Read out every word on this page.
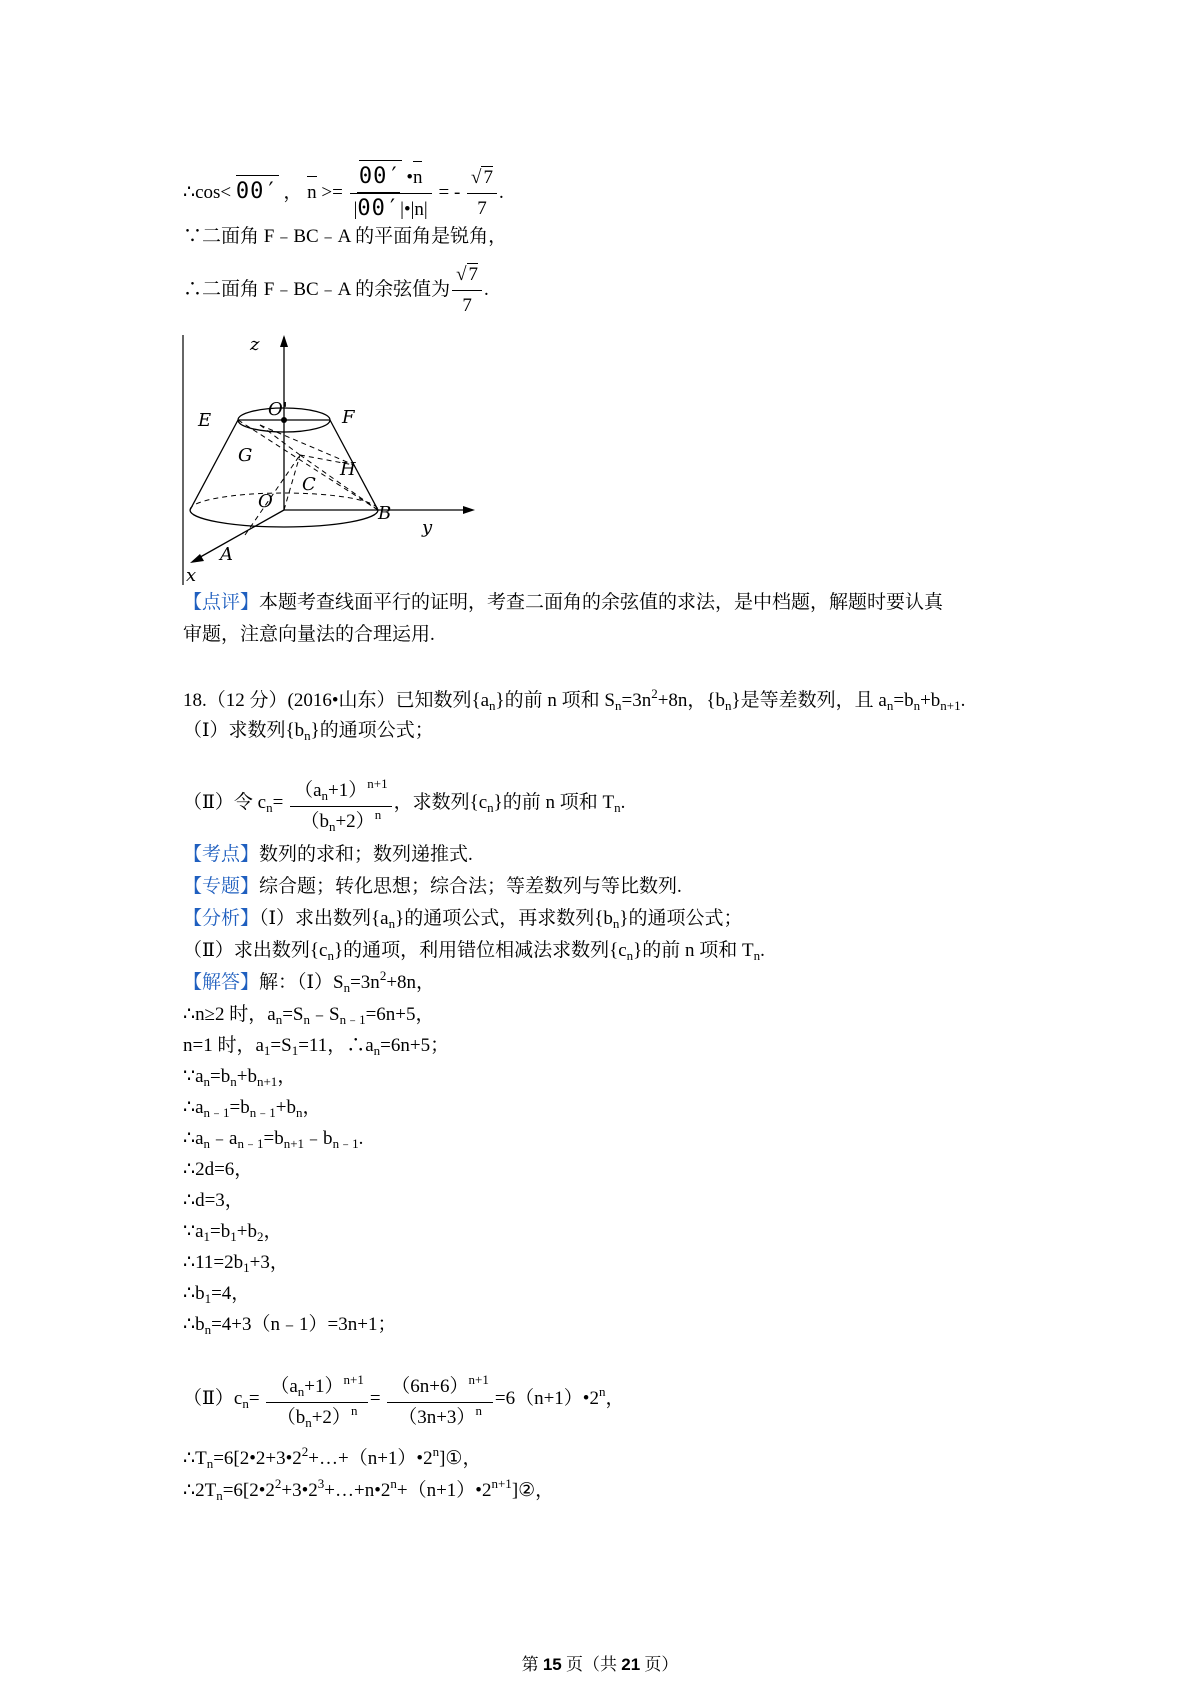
∴cos< 00′ ， $n >= \frac{00' •n}{|00'|•|n|}$ = - $\frac{√ 7}{7}$ .
∵二面角 F﹣BC﹣A 的平面角是锐角，
∴二面角 F﹣BC﹣A 的余弦值为 $\frac{√ 7}{7}$ .
z
y
x
E	F
O'
G
H
C
O
B
A
【点评】本题考查线面平行的证明，考查二面角的余弦值的求法，是中档题，解题时要认真
审题，注意向量法的合理运用.
18.（12 分）(2016•山东）已知数列$\{a_n\}$的前 n 项和 $S_n=3n^2+8n$，$\{b_n\}$是等差数列，且 $a_n=b_n+b_{n+1}$.
（Ⅰ）求数列$\{b_n\}$的通项公式；
（Ⅱ）令 $c_n= \frac{(a_n+1)^{n+1}}{(b_n+2)^n}$ ，求数列$\{c_n\}$的前 n 项和 $T_n$.
【考点】数列的求和；数列递推式.
【专题】综合题；转化思想；综合法；等差数列与等比数列.
【分析】（Ⅰ）求出数列$\{a_n\}$的通项公式，再求数列$\{b_n\}$的通项公式；
（Ⅱ）求出数列$\{c_n\}$的通项，利用错位相减法求数列$\{c_n\}$的前 n 项和 $T_n$.
【解答】解：$(Ⅰ)S_n=3n^2+8n$，
∴n≥2 时，$a_n=S_n﹣S_{n﹣1}=6n+5$，
n=1 时，$a_1=S_1=11$，$\therefore a_n=6n+5$；
$\because a_n=b_n+b_{n+1}$，
$\therefore a_{n﹣1}=b_{n﹣1}+b_n$，
$\therefore a_n﹣a_{n﹣1}=b_{n+1}﹣b_{n﹣1}$.
∴2d=6，
∴d=3，
$\because a_1=b_1+b_2$，
$\therefore 11=2b_1+3$，
$\therefore b_1=4$，
$\therefore b_n=4+3(n﹣1)=3n+1$；
$(Ⅱ)c_n= \frac{(a_n+1)^{n+1}}{(b_n+2)^n} = \frac{(6n+6)^{n+1}}{(3n+3)^n}$ $=6(n+1)•2^n$，
$\therefore T_n=6[2•2+3•2^2+\dots+(n+1)•2^n]①$，
$\therefore 2T_n=6[2•2^2+3•2^3+\dots+n•2^n+(n+1)•2^{n+1}]②$，
第 15 页（共 21 页）
